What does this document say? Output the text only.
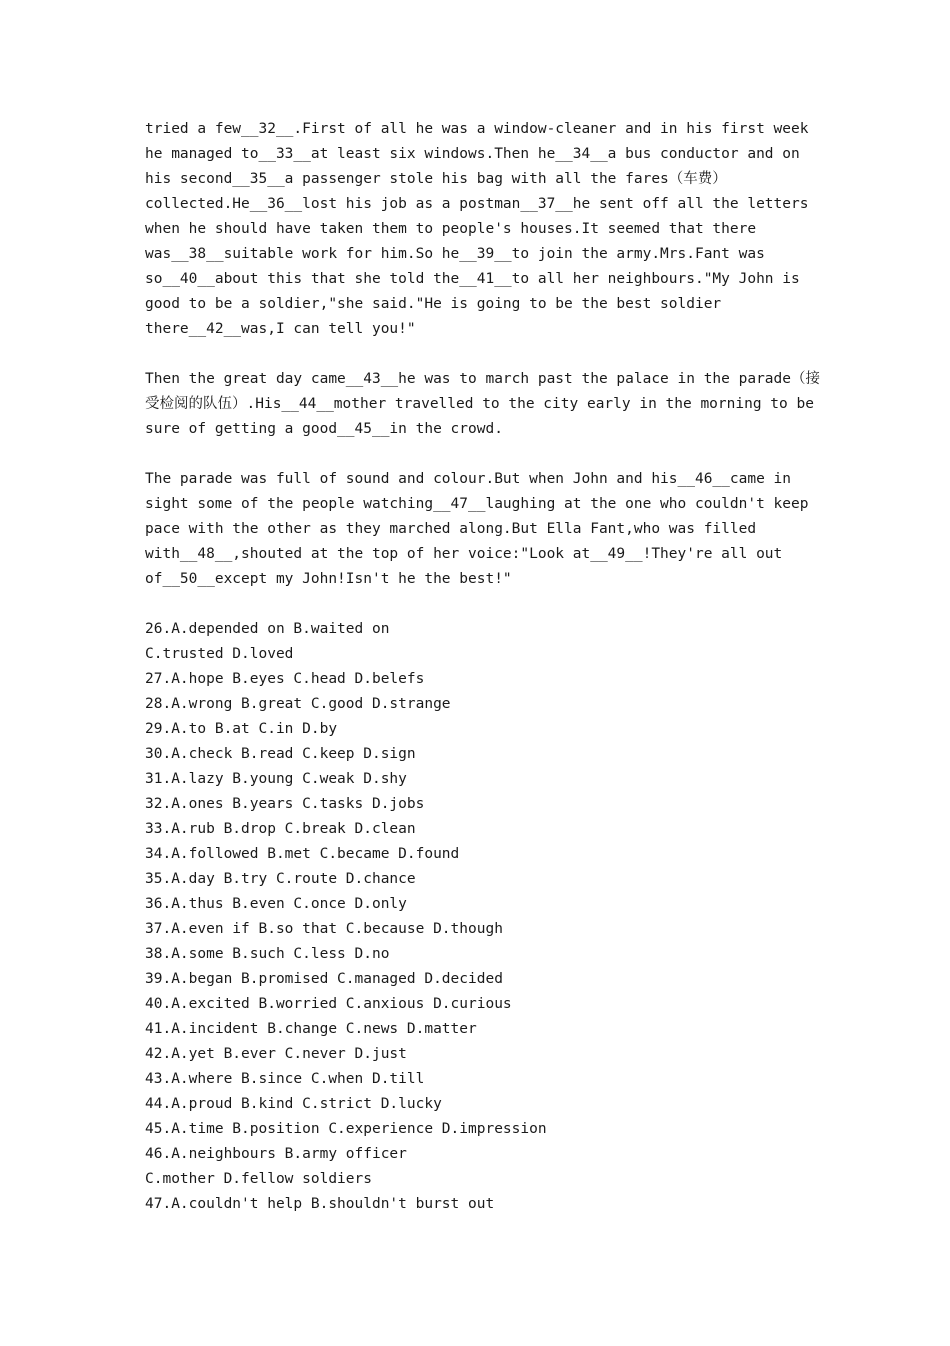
tried a few__32__.First of all he was a window-cleaner and in his first week
he managed to__33__at least six windows.Then he__34__a bus conductor and on
his second__35__a passenger stole his bag with all the fares（车费）
collected.He__36__lost his job as a postman__37__he sent off all the letters
when he should have taken them to people's houses.It seemed that there
was__38__suitable work for him.So he__39__to join the army.Mrs.Fant was
so__40__about this that she told the__41__to all her neighbours."My John is
good to be a soldier,"she said."He is going to be the best soldier
there__42__was,I can tell you!"
Then the great day came__43__he was to march past the palace in the parade（接
受检阅的队伍）.His__44__mother travelled to the city early in the morning to be
sure of getting a good__45__in the crowd.
The parade was full of sound and colour.But when John and his__46__came in
sight some of the people watching__47__laughing at the one who couldn't keep
pace with the other as they marched along.But Ella Fant,who was filled
with__48__,shouted at the top of her voice:"Look at__49__!They're all out
of__50__except my John!Isn't he the best!"
26.A.depended on B.waited on
C.trusted D.loved
27.A.hope B.eyes C.head D.belefs
28.A.wrong B.great C.good D.strange
29.A.to B.at C.in D.by
30.A.check B.read C.keep D.sign
31.A.lazy B.young C.weak D.shy
32.A.ones B.years C.tasks D.jobs
33.A.rub B.drop C.break D.clean
34.A.followed B.met C.became D.found
35.A.day B.try C.route D.chance
36.A.thus B.even C.once D.only
37.A.even if B.so that C.because D.though
38.A.some B.such C.less D.no
39.A.began B.promised C.managed D.decided
40.A.excited B.worried C.anxious D.curious
41.A.incident B.change C.news D.matter
42.A.yet B.ever C.never D.just
43.A.where B.since C.when D.till
44.A.proud B.kind C.strict D.lucky
45.A.time B.position C.experience D.impression
46.A.neighbours B.army officer
C.mother D.fellow soldiers
47.A.couldn't help B.shouldn't burst out
